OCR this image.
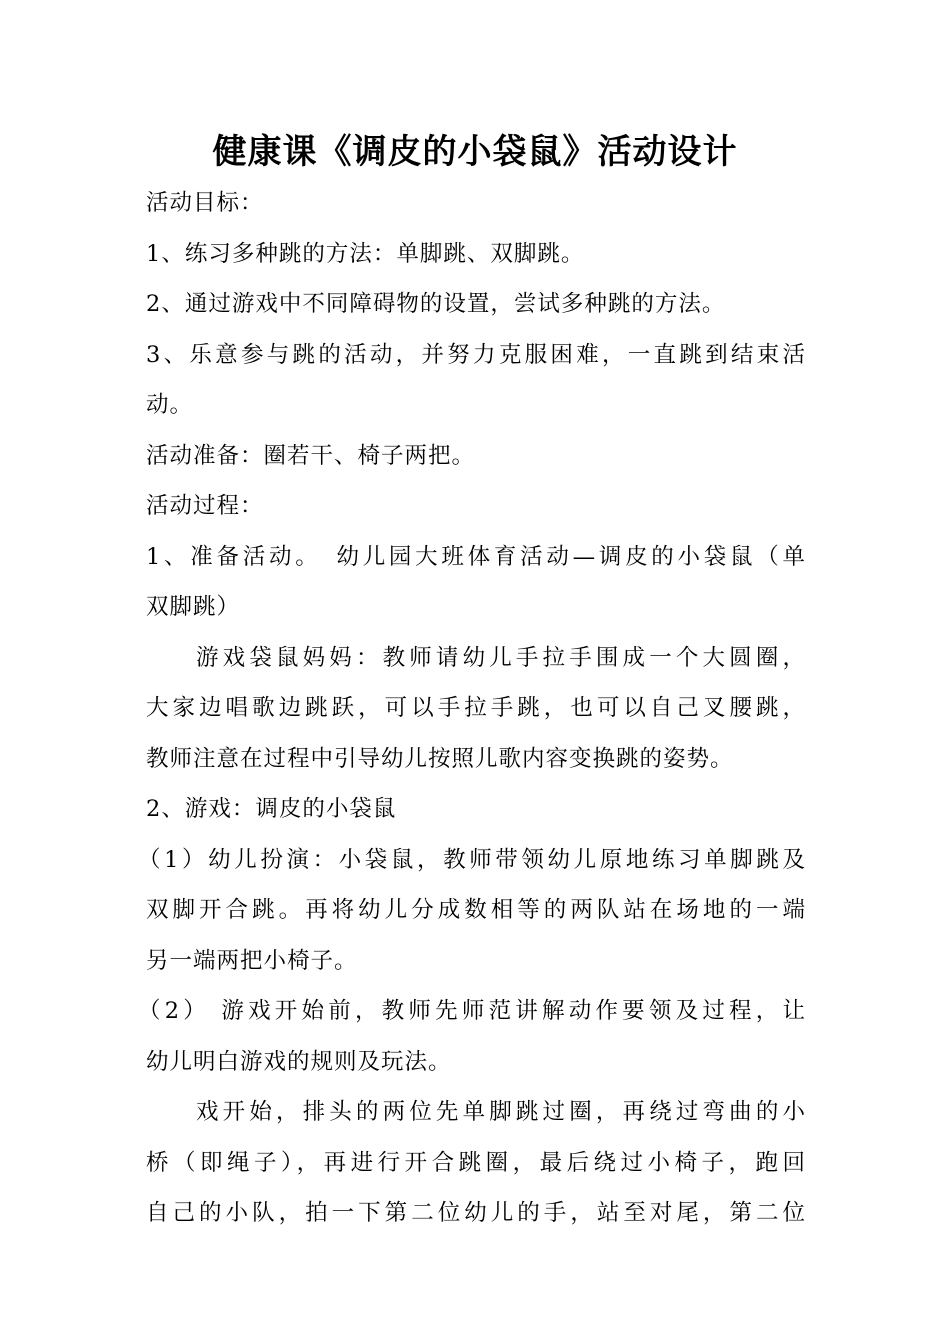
健康课《调皮的小袋鼠》活动设计
活动目标：
1、练习多种跳的方法：单脚跳、双脚跳。
2、通过游戏中不同障碍物的设置，尝试多种跳的方法。
3、乐意参与跳的活动，并努力克服困难，一直跳到结束活
动。
活动准备：圈若干、椅子两把。
活动过程：
1、准备活动。　幼儿园大班体育活动—调皮的小袋鼠（单
双脚跳）
游戏袋鼠妈妈：教师请幼儿手拉手围成一个大圆圈，
大家边唱歌边跳跃，可以手拉手跳，也可以自己叉腰跳，
教师注意在过程中引导幼儿按照儿歌内容变换跳的姿势。
2、游戏：调皮的小袋鼠
（1）幼儿扮演：小袋鼠，教师带领幼儿原地练习单脚跳及
双脚开合跳。再将幼儿分成数相等的两队站在场地的一端
另一端两把小椅子。
（2） 游戏开始前，教师先师范讲解动作要领及过程，让
幼儿明白游戏的规则及玩法。
戏开始，排头的两位先单脚跳过圈，再绕过弯曲的小
桥（即绳子），再进行开合跳圈，最后绕过小椅子，跑回
自己的小队，拍一下第二位幼儿的手，站至对尾，第二位
